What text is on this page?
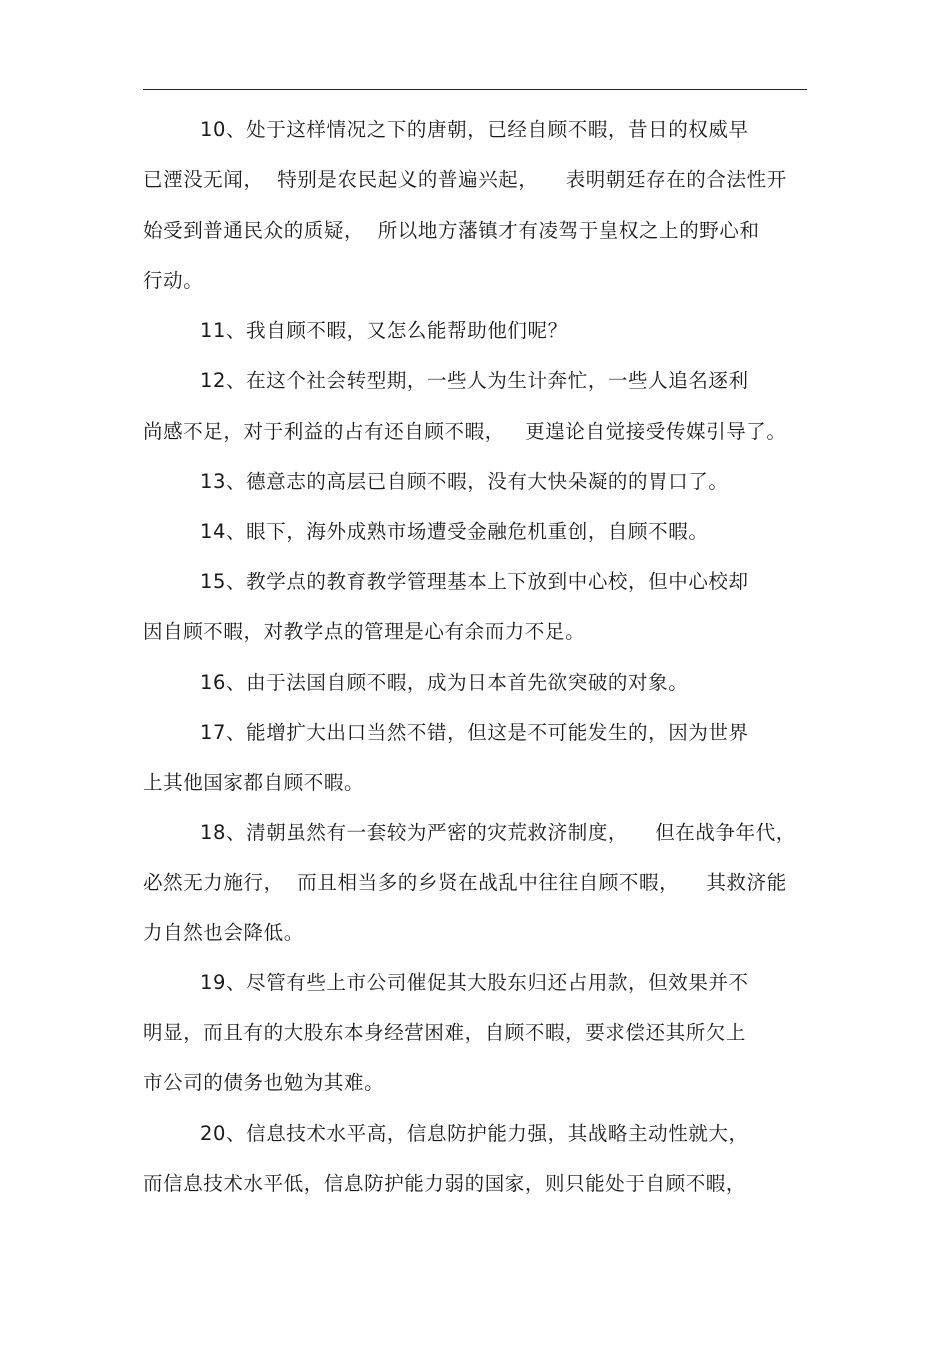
10、处于这样情况之下的唐朝，已经自顾不暇，昔日的权威早
已湮没无闻，  特别是农民起义的普遍兴起，    表明朝廷存在的合法性开
始受到普通民众的质疑，  所以地方藩镇才有凌驾于皇权之上的野心和
行动。
11、我自顾不暇，又怎么能帮助他们呢？
12、在这个社会转型期，一些人为生计奔忙，一些人追名逐利
尚感不足，对于利益的占有还自顾不暇，   更遑论自觉接受传媒引导了。
13、德意志的高层已自顾不暇，没有大快朵凝的的胃口了。
14、眼下，海外成熟市场遭受金融危机重创，自顾不暇。
15、教学点的教育教学管理基本上下放到中心校，但中心校却
因自顾不暇，对教学点的管理是心有余而力不足。
16、由于法国自顾不暇，成为日本首先欲突破的对象。
17、能增扩大出口当然不错，但这是不可能发生的，因为世界
上其他国家都自顾不暇。
18、清朝虽然有一套较为严密的灾荒救济制度，    但在战争年代，
必然无力施行，  而且相当多的乡贤在战乱中往往自顾不暇，    其救济能
力自然也会降低。
19、尽管有些上市公司催促其大股东归还占用款，但效果并不
明显，而且有的大股东本身经营困难，自顾不暇，要求偿还其所欠上
市公司的债务也勉为其难。
20、信息技术水平高，信息防护能力强，其战略主动性就大，
而信息技术水平低，信息防护能力弱的国家，则只能处于自顾不暇，
